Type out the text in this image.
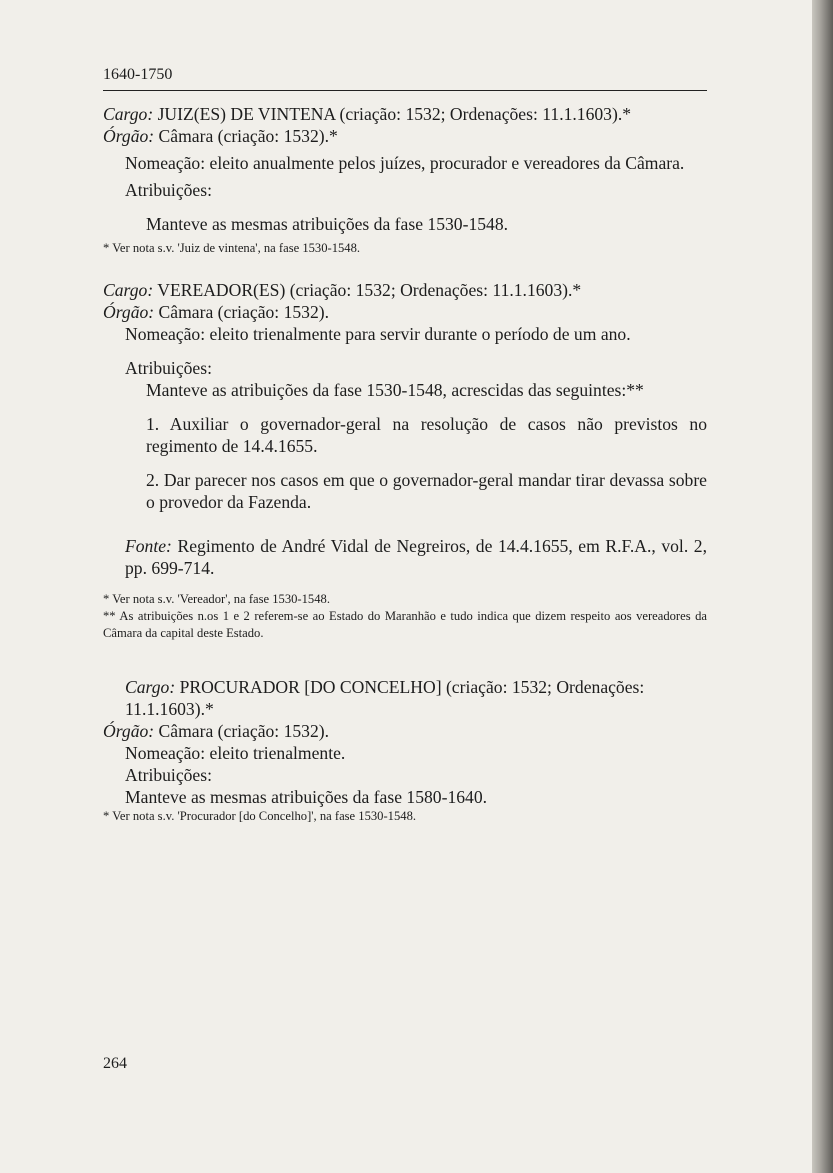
1640-1750

Cargo: JUIZ(ES) DE VINTENA (criação: 1532; Ordenações: 11.1.1603).*

Órgão: Câmara (criação: 1532).*

Nomeação: eleito anualmente pelos juízes, procurador e vereadores da Câmara.

Atribuições:

Manteve as mesmas atribuições da fase 1530-1548.

* Ver nota s.v. 'Juiz de vintena', na fase 1530-1548.

Cargo: VEREADOR(ES) (criação: 1532; Ordenações: 11.1.1603).*

Órgão: Câmara (criação: 1532).

Nomeação: eleito trienalmente para servir durante o período de um ano.

Atribuições:

Manteve as atribuições da fase 1530-1548, acrescidas das seguintes:**

1. Auxiliar o governador-geral na resolução de casos não previstos no regimento de 14.4.1655.

2. Dar parecer nos casos em que o governador-geral mandar tirar devassa sobre o provedor da Fazenda.

Fonte: Regimento de André Vidal de Negreiros, de 14.4.1655, em R.F.A., vol. 2, pp. 699-714.

* Ver nota s.v. 'Vereador', na fase 1530-1548.

** As atribuições n.os 1 e 2 referem-se ao Estado do Maranhão e tudo indica que dizem respeito aos vereadores da Câmara da capital deste Estado.

Cargo: PROCURADOR [DO CONCELHO] (criação: 1532; Ordenações: 11.1.1603).*

Órgão: Câmara (criação: 1532).

Nomeação: eleito trienalmente.

Atribuições:

Manteve as mesmas atribuições da fase 1580-1640.

* Ver nota s.v. 'Procurador [do Concelho]', na fase 1530-1548.

264
